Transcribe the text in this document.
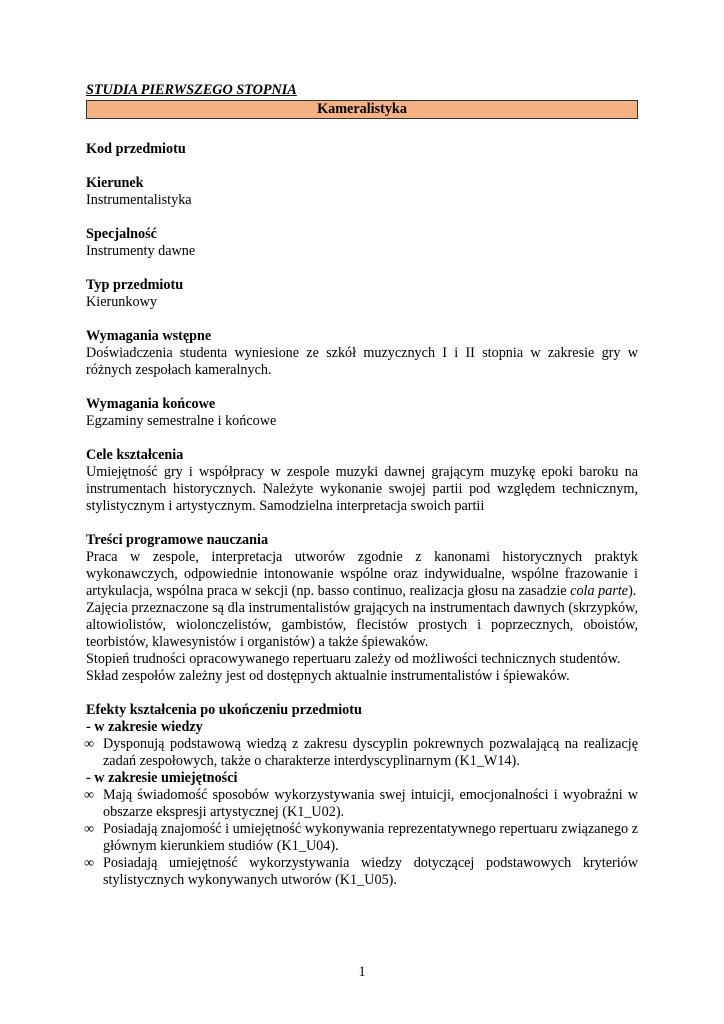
STUDIA PIERWSZEGO STOPNIA

Kameralistyka
Kod przedmiotu
Kierunek
Instrumentalistyka
Specjalność
Instrumenty dawne
Typ przedmiotu
Kierunkowy
Wymagania wstępne
Doświadczenia studenta wyniesione ze szkół muzycznych I i II stopnia w zakresie gry w różnych zespołach kameralnych.
Wymagania końcowe
Egzaminy semestralne i końcowe
Cele kształcenia
Umiejętność gry i współpracy w zespole muzyki dawnej grającym muzykę epoki baroku na instrumentach historycznych. Należyte wykonanie swojej partii pod względem technicznym, stylistycznym i artystycznym. Samodzielna interpretacja swoich partii
Treści programowe nauczania
Praca w zespole, interpretacja utworów zgodnie z kanonami historycznych praktyk wykonawczych, odpowiednie intonowanie wspólne oraz indywidualne, wspólne frazowanie i artykulacja, wspólna praca w sekcji (np. basso continuo, realizacja głosu na zasadzie cola parte).
Zajęcia przeznaczone są dla instrumentalistów grających na instrumentach dawnych (skrzypków, altowiolistów, wiolonczelistów, gambistów, flecistów prostych i poprzecznych, oboistów, teorbistów, klawesynistów i organistów) a także śpiewaków.
Stopień trudności opracowywanego repertuaru zależy od możliwości technicznych studentów.
Skład zespołów zależny jest od dostępnych aktualnie instrumentalistów i śpiewaków.
Efekty kształcenia po ukończeniu przedmiotu
- w zakresie wiedzy
∞ Dysponują podstawową wiedzą z zakresu dyscyplin pokrewnych pozwalającą na realizację zadań zespołowych, także o charakterze interdyscyplinarnym (K1_W14).
- w zakresie umiejętności
∞ Mają świadomość sposobów wykorzystywania swej intuicji, emocjonalności i wyobraźni w obszarze ekspresji artystycznej (K1_U02).
∞ Posiadają znajomość i umiejętność wykonywania reprezentatywnego repertuaru związanego z głównym kierunkiem studiów (K1_U04).
∞ Posiadają umiejętność wykorzystywania wiedzy dotyczącej podstawowych kryteriów stylistycznych wykonywanych utworów (K1_U05).
1
